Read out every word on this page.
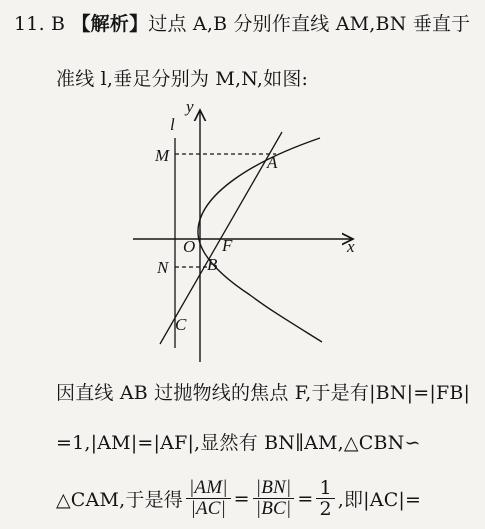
11. B 【解析】过点 A,B 分别作直线 AM,BN 垂直于
准线 l,垂足分别为 M,N,如图:
y
l
x
M	A
O F
N B
C
因直线 AB 过抛物线的焦点 F,于是有|BN|=|FB|
=1,|AM|=|AF|,显然有 BN∥AM,△CBN∽
△CAM,于是得 $\frac{|AM|}{|AC|} = \frac{|BN|}{|BC|} = \frac{1}{2}$ ,即|AC|=
